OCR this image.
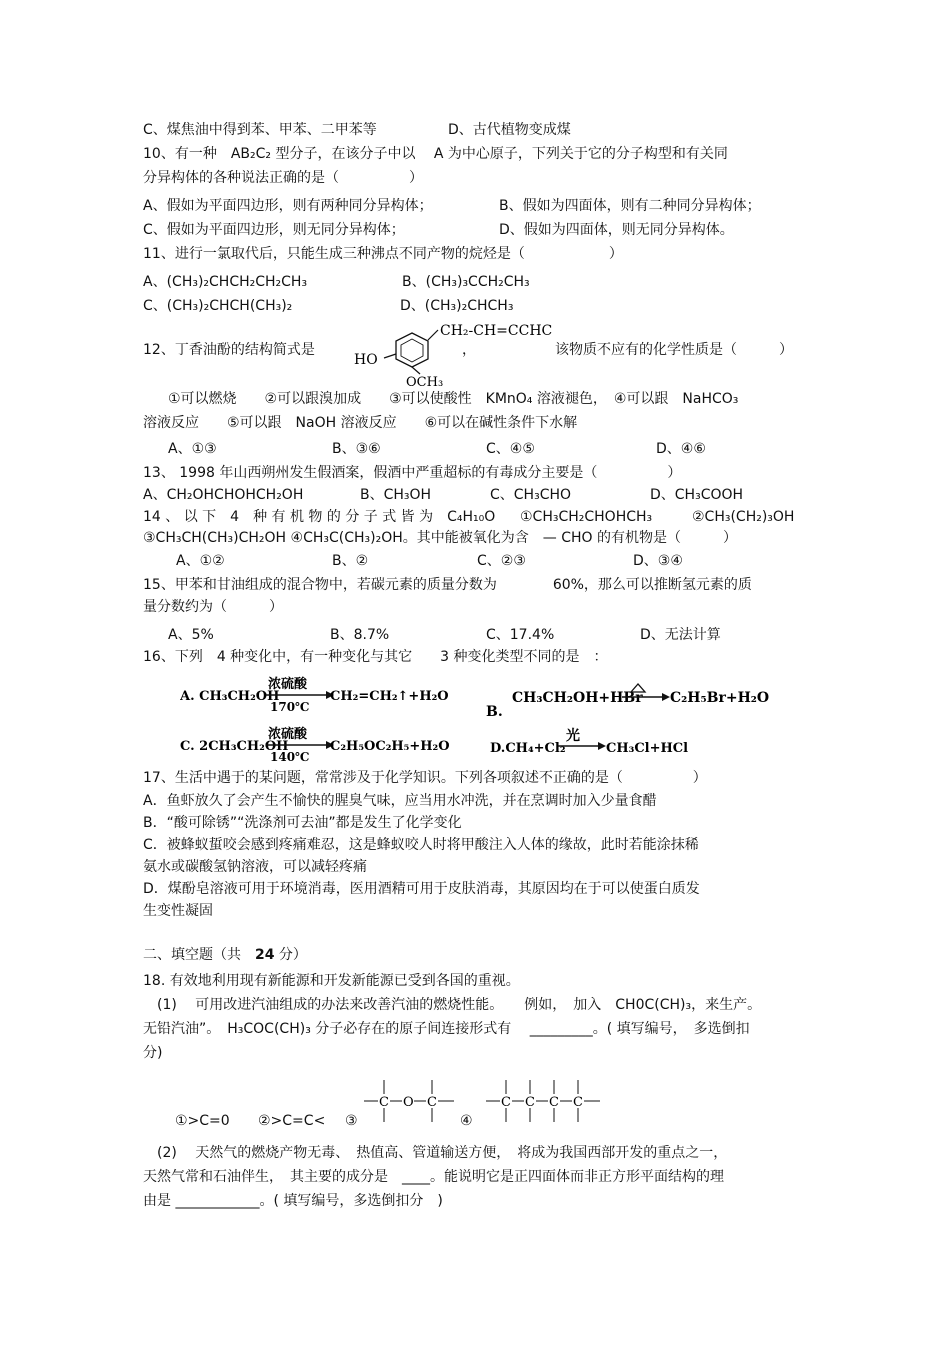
C、煤焦油中得到苯、甲苯、二甲苯等	D、古代植物变成煤
10、有一种　AB₂C₂ 型分子，在该分子中以　 A 为中心原子，下列关于它的分子构型和有关同
分异构体的各种说法正确的是（　　　　　）
A、假如为平面四边形，则有两种同分异构体；	B、假如为四面体，则有二种同分异构体；
C、假如为平面四边形，则无同分异构体；	D、假如为四面体，则无同分异构体。
11、进行一氯取代后，只能生成三种沸点不同产物的烷烃是（　　　　　　）
A、(CH₃)₂CHCH₂CH₂CH₃	B、(CH₃)₃CCH₂CH₃
C、(CH₃)₂CHCH(CH₃)₂	D、(CH₃)₂CHCH₃
12、丁香油酚的结构简式是
CH₂-CH=CCHC
HO
OCH₃
，	该物质不应有的化学性质是（　　　）
①可以燃烧　　②可以跟溴加成　　③可以使酸性　KMnO₄ 溶液褪色，　④可以跟　NaHCO₃
溶液反应　　⑤可以跟　NaOH 溶液反应　　⑥可以在碱性条件下水解
A、①③	B、③⑥	C、④⑤	D、④⑥
13、 1998 年山西朔州发生假酒案，假酒中严重超标的有毒成分主要是（　　　　　）
A、CH₂OHCHOHCH₂OH	B、CH₃OH	C、CH₃CHO	D、CH₃COOH
14 、 以 下　4　种 有 机 物 的 分 子 式 皆 为　C₄H₁₀O ①CH₃CH₂CHOHCH₃	②CH₃(CH₂)₃OH
③CH₃CH(CH₃)CH₂OH ④CH₃C(CH₃)₂OH。其中能被氧化为含　— CHO 的有机物是（　　　）
A、①②	B、②	C、②③	D、③④
15、甲苯和甘油组成的混合物中，若碳元素的质量分数为　　　　60%，那么可以推断氢元素的质
量分数约为（　　　）
A、5%	B、8.7%	C、17.4%	D、无法计算
16、下列　4 种变化中，有一种变化与其它　　3 种变化类型不同的是　：
A. CH₃CH₂OH
浓硫酸
170℃
CH₂=CH₂↑+H₂O
B.
CH₃CH₂OH+HBr C₂H₅Br+H₂O
C. 2CH₃CH₂OH
浓硫酸
140℃
C₂H₅OC₂H₅+H₂O	D.CH₄+Cl₂
光
CH₃Cl+HCl
17、生活中遇于的某问题，常常涉及于化学知识。下列各项叙述不正确的是（　　　　　）
A．鱼虾放久了会产生不愉快的腥臭气味，应当用水冲洗，并在烹调时加入少量食醋
B．“酸可除锈”“洗涤剂可去油”都是发生了化学变化
C．被蜂蚁蜇咬会感到疼痛难忍，这是蜂蚁咬人时将甲酸注入人体的缘故，此时若能涂抹稀
氨水或碳酸氢钠溶液，可以减轻疼痛
D．煤酚皂溶液可用于环境消毒，医用酒精可用于皮肤消毒，其原因均在于可以使蛋白质发
生变性凝固
二、填空题（共　24 分）
18. 有效地利用现有新能源和开发新能源已受到各国的重视。
　(1)　 可用改进汽油组成的办法来改善汽油的燃烧性能。　　例如，　加入　CH0C(CH)₃，来生产。
无铅汽油”。　H₃COC(CH)₃ 分子必存在的原子间连接形式有　 _________。( 填写编号，　多选倒扣
分)
①>C=0 ②>C=C< ③
C O C
④
C C C C
　(2)　 天然气的燃烧产物无毒、　热值高、管道输送方便，　将成为我国西部开发的重点之一，
天然气常和石油伴生，　其主要的成分是　____。能说明它是正四面体而非正方形平面结构的理
由是 ____________。( 填写编号，多选倒扣分　)
